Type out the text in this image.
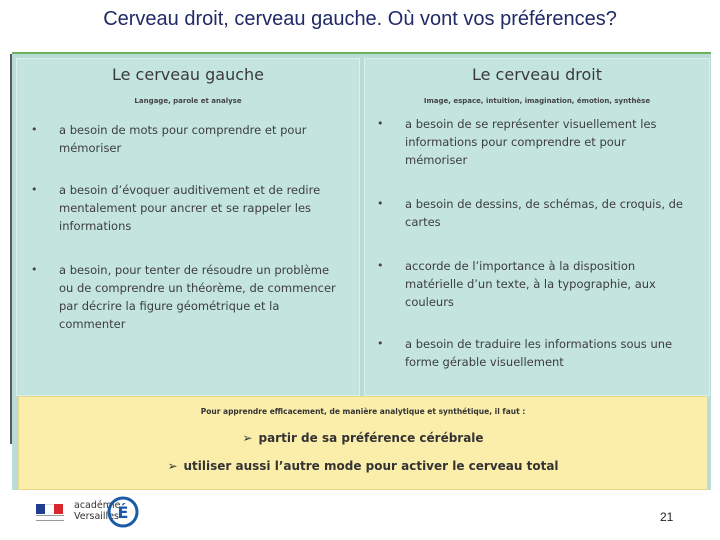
Cerveau droit, cerveau gauche. Où vont vos préférences?
Le cerveau gauche
Langage, parole et analyse
• a besoin de mots pour comprendre et pour
mémoriser
• a besoin d’évoquer auditivement et de redire
mentalement pour ancrer et se rappeler les
informations
• a besoin, pour tenter de résoudre un problème
ou de comprendre un théorème, de commencer
par décrire la figure géométrique et la
commenter
Le cerveau droit
Image, espace, intuition, imagination, émotion, synthèse
• a besoin de se représenter visuellement les
informations pour comprendre et pour
mémoriser
• a besoin de dessins, de schémas, de croquis, de
cartes
• accorde de l’importance à la disposition
matérielle d’un texte, à la typographie, aux
couleurs
• a besoin de traduire les informations sous une
forme gérable visuellement
Pour apprendre efficacement, de manière analytique et synthétique, il faut :
➢ partir de sa préférence cérébrale
➢ utiliser aussi l’autre mode pour activer le cerveau total
académie
Versailles
É	21
